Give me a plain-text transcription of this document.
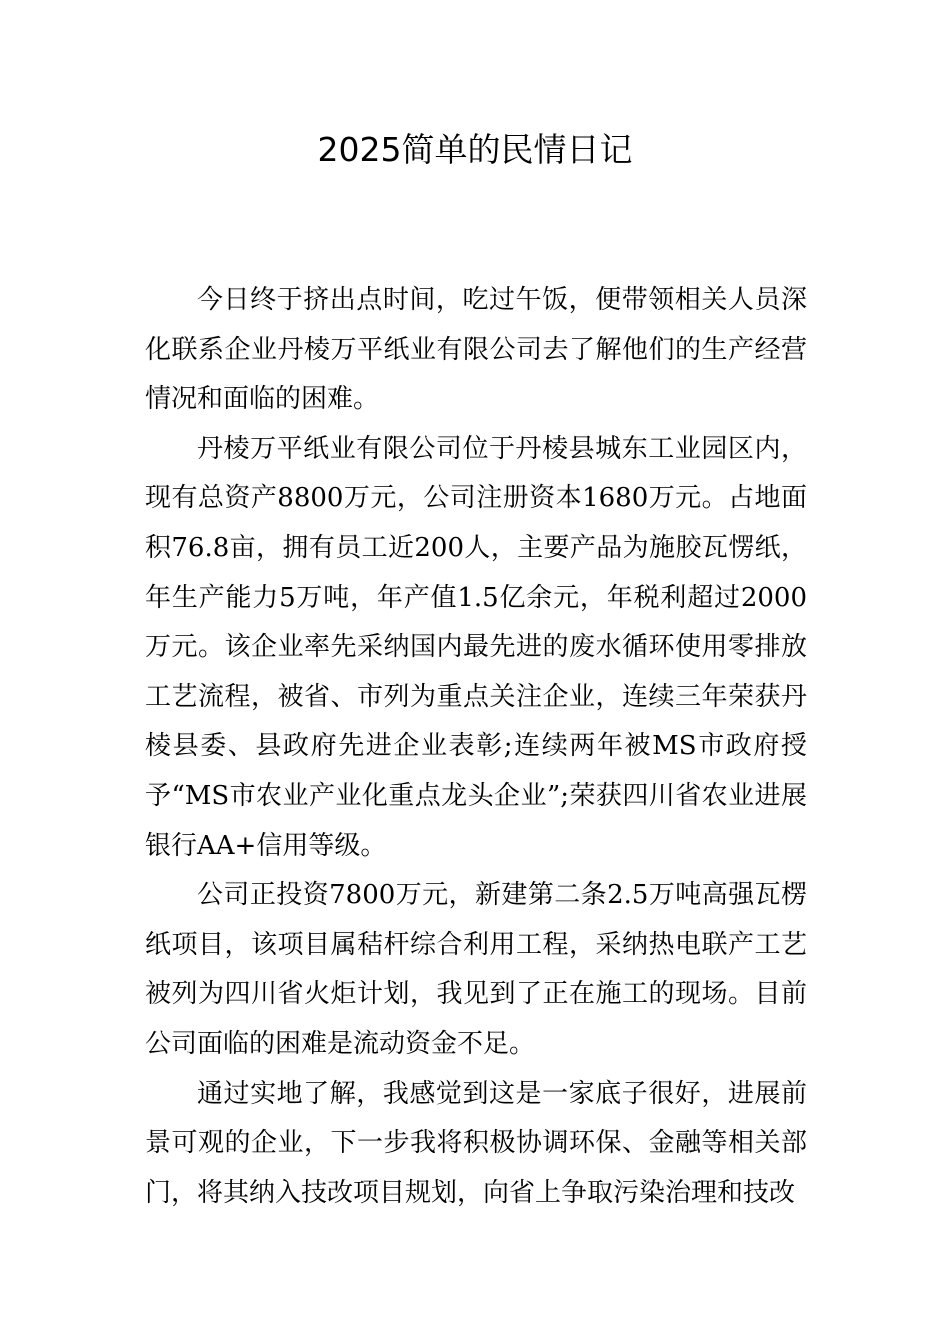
2025简单的民情日记

今日终于挤出点时间，吃过午饭，便带领相关人员深化联系企业丹棱万平纸业有限公司去了解他们的生产经营情况和面临的困难。

丹棱万平纸业有限公司位于丹棱县城东工业园区内，现有总资产8800万元，公司注册资本1680万元。占地面积76.8亩，拥有员工近200人，主要产品为施胶瓦愣纸，年生产能力5万吨，年产值1.5亿余元，年税利超过2000万元。该企业率先采纳国内最先进的废水循环使用零排放工艺流程，被省、市列为重点关注企业，连续三年荣获丹棱县委、县政府先进企业表彰;连续两年被MS市政府授予“MS市农业产业化重点龙头企业”;荣获四川省农业进展银行AA+信用等级。

公司正投资7800万元，新建第二条2.5万吨高强瓦楞纸项目，该项目属秸杆综合利用工程，采纳热电联产工艺被列为四川省火炬计划，我见到了正在施工的现场。目前公司面临的困难是流动资金不足。

通过实地了解，我感觉到这是一家底子很好，进展前景可观的企业，下一步我将积极协调环保、金融等相关部门，将其纳入技改项目规划，向省上争取污染治理和技改
